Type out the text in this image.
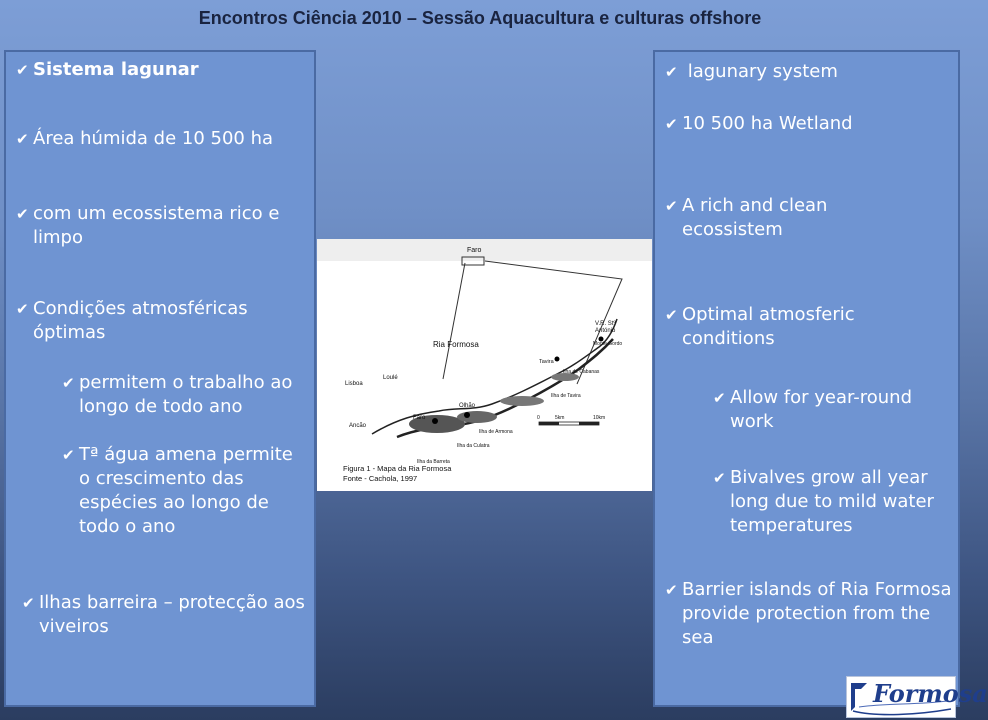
Encontros Ciência 2010 – Sessão Aquacultura e culturas offshore
✔ Sistema lagunar
✔ Área húmida de 10 500 ha
✔ com um ecossistema rico e limpo
✔ Condições atmosféricas óptimas
✔ permitem o trabalho ao longo de todo ano
✔ Tª água amena permite o crescimento das espécies ao longo de todo o ano
✔ Ilhas barreira – protecção aos viveiros
Faro
Ria Formosa
V.R. Stº
António
Monte Gordo
Tavira
Ilha de Cabanas
Ilha de Tavira
Loulé
Lisboa
Faro
Olhão
Ancão
Ilha de Armona
Ilha da Culatra
Ilha da Barreta
0	5km	10km
Figura 1 - Mapa da Ria Formosa
Fonte - Cachola, 1997
✔ lagunary system
✔ 10 500 ha Wetland
✔ A rich and clean ecossistem
✔ Optimal atmosferic conditions
✔ Allow for year-round work
✔ Bivalves grow all year long due to mild water temperatures
✔ Barrier islands of Ria Formosa provide protection from the sea
Formosa
